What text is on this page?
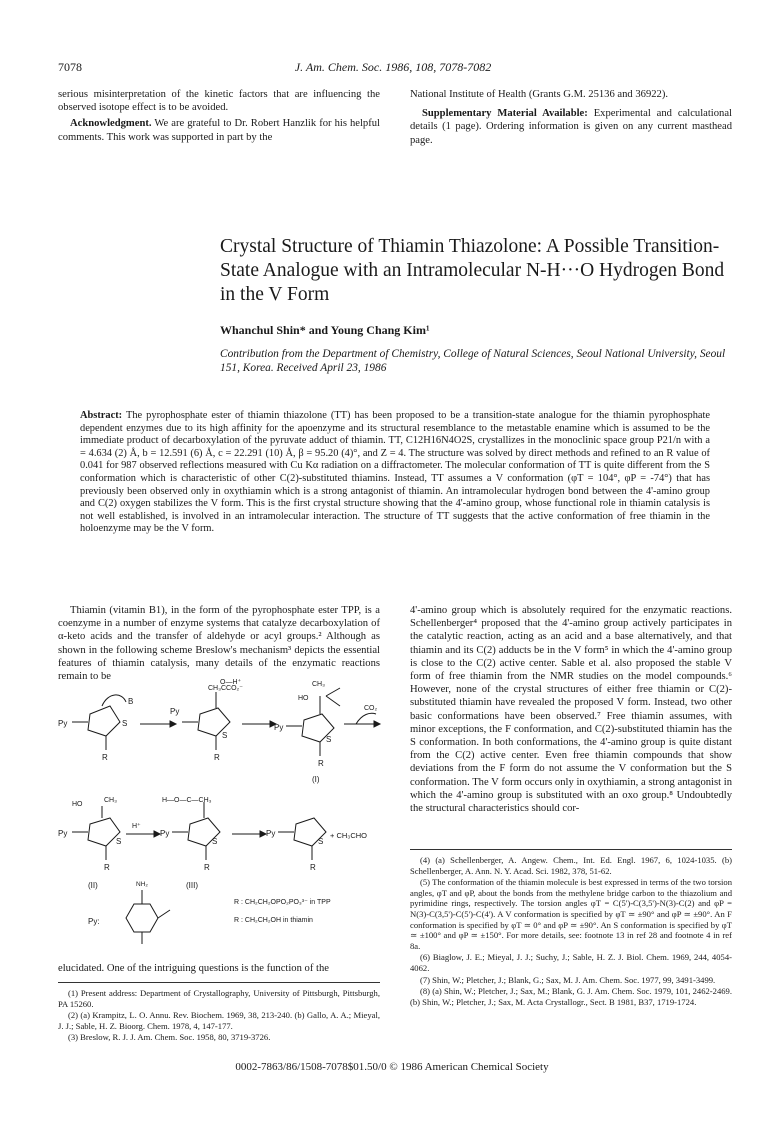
7078	J. Am. Chem. Soc. 1986, 108, 7078-7082

serious misinterpretation of the kinetic factors that are influencing the observed isotope effect is to be avoided.

Acknowledgment. We are grateful to Dr. Robert Hanzlik for his helpful comments. This work was supported in part by the

National Institute of Health (Grants G.M. 25136 and 36922).

Supplementary Material Available: Experimental and calculational details (1 page). Ordering information is given on any current masthead page.

Crystal Structure of Thiamin Thiazolone: A Possible Transition-State Analogue with an Intramolecular N-H···O Hydrogen Bond in the V Form
Whanchul Shin* and Young Chang Kim¹
Contribution from the Department of Chemistry, College of Natural Sciences, Seoul National University, Seoul 151, Korea. Received April 23, 1986
Abstract: The pyrophosphate ester of thiamin thiazolone (TT) has been proposed to be a transition-state analogue for the thiamin pyrophosphate dependent enzymes due to its high affinity for the apoenzyme and its structural resemblance to the metastable enamine which is assumed to be the immediate product of decarboxylation of the pyruvate adduct of thiamin. TT, C12H16N4O2S, crystallizes in the monoclinic space group P21/n with a = 4.634 (2) Å, b = 12.591 (6) Å, c = 22.291 (10) Å, β = 95.20 (4)°, and Z = 4. The structure was solved by direct methods and refined to an R value of 0.041 for 987 observed reflections measured with Cu Kα radiation on a diffractometer. The molecular conformation of TT is quite different from the S conformation which is characteristic of other C(2)-substituted thiamins. Instead, TT assumes a V conformation (φT = 104°, φP = -74°) that has previously been observed only in oxythiamin which is a strong antagonist of thiamin. An intramolecular hydrogen bond between the 4'-amino group and C(2) oxygen stabilizes the V form. This is the first crystal structure showing that the 4'-amino group, whose functional role in thiamin catalysis is not well established, is involved in an intramolecular interaction. The structure of TT suggests that the active conformation of free thiamin in the holoenzyme may be the V form.

Thiamin (vitamin B1), in the form of the pyrophosphate ester TPP, is a coenzyme in a number of enzyme systems that catalyze decarboxylation of α-keto acids and the transfer of aldehyde or acyl groups.² Although as shown in the following scheme Breslow's mechanism³ depicts the essential features of thiamin catalysis, many details of the enzymatic reactions remain to be

Py	S
B
R
Py
S
CH₃CCO₂⁻
O—H⁺
R
Py
S
CH₃
HO
R
(I)
CO₂
Py
S
HO
CH₃
R
(II)
H⁺
Py
S
H—O—C—CH₃
R
(III)
Py
S
R
+ CH₃CHO
Py:
NH₂
R : CH₂CH₂OPO₂PO₃³⁻ in TPP
R : CH₂CH₂OH in thiamin

elucidated. One of the intriguing questions is the function of the

4'-amino group which is absolutely required for the enzymatic reactions. Schellenberger⁴ proposed that the 4'-amino group actively participates in the catalytic reaction, acting as an acid and a base alternatively, and that thiamin and its C(2) adducts be in the V form⁵ in which the 4'-amino group is close to the C(2) active center. Sable et al. also proposed the stable V form of free thiamin from the NMR studies on the model compounds.⁶ However, none of the crystal structures of either free thiamin or C(2)-substituted thiamin have revealed the proposed V form. Instead, two other basic conformations have been observed.⁷ Free thiamin assumes, with minor exceptions, the F conformation, and C(2)-substituted thiamin has the S conformation. In both conformations, the 4'-amino group is quite distant from the C(2) active center. Even free thiamin compounds that show deviations from the F form do not assume the V conformation but the S conformation. The V form occurs only in oxythiamin, a strong antagonist in which the 4'-amino group is substituted with an oxo group.⁸ Undoubtedly the structural characteristics should cor-

(1) Present address: Department of Crystallography, University of Pittsburgh, Pittsburgh, PA 15260.

(2) (a) Krampitz, L. O. Annu. Rev. Biochem. 1969, 38, 213-240. (b) Gallo, A. A.; Mieyal, J. J.; Sable, H. Z. Bioorg. Chem. 1978, 4, 147-177.

(3) Breslow, R. J. J. Am. Chem. Soc. 1958, 80, 3719-3726.

(4) (a) Schellenberger, A. Angew. Chem., Int. Ed. Engl. 1967, 6, 1024-1035. (b) Schellenberger, A. Ann. N. Y. Acad. Sci. 1982, 378, 51-62.

(5) The conformation of the thiamin molecule is best expressed in terms of the two torsion angles, φT and φP, about the bonds from the methylene bridge carbon to the thiazolium and pyrimidine rings, respectively. The torsion angles φT = C(5')-C(3,5')-N(3)-C(2) and φP = N(3)-C(3,5')-C(5')-C(4'). A V conformation is specified by φT ≃ ±90° and φP ≃ ±90°. An F conformation is specified by φT ≃ 0° and φP ≃ ±90°. An S conformation is specified by φT ≃ ±100° and φP ≃ ±150°. For more details, see: footnote 13 in ref 28 and footnote 4 in ref 8a.

(6) Biaglow, J. E.; Mieyal, J. J.; Suchy, J.; Sable, H. Z. J. Biol. Chem. 1969, 244, 4054-4062.

(7) Shin, W.; Pletcher, J.; Blank, G.; Sax, M. J. Am. Chem. Soc. 1977, 99, 3491-3499.

(8) (a) Shin, W.; Pletcher, J.; Sax, M.; Blank, G. J. Am. Chem. Soc. 1979, 101, 2462-2469. (b) Shin, W.; Pletcher, J.; Sax, M. Acta Crystallogr., Sect. B 1981, B37, 1719-1724.

0002-7863/86/1508-7078$01.50/0 © 1986 American Chemical Society
